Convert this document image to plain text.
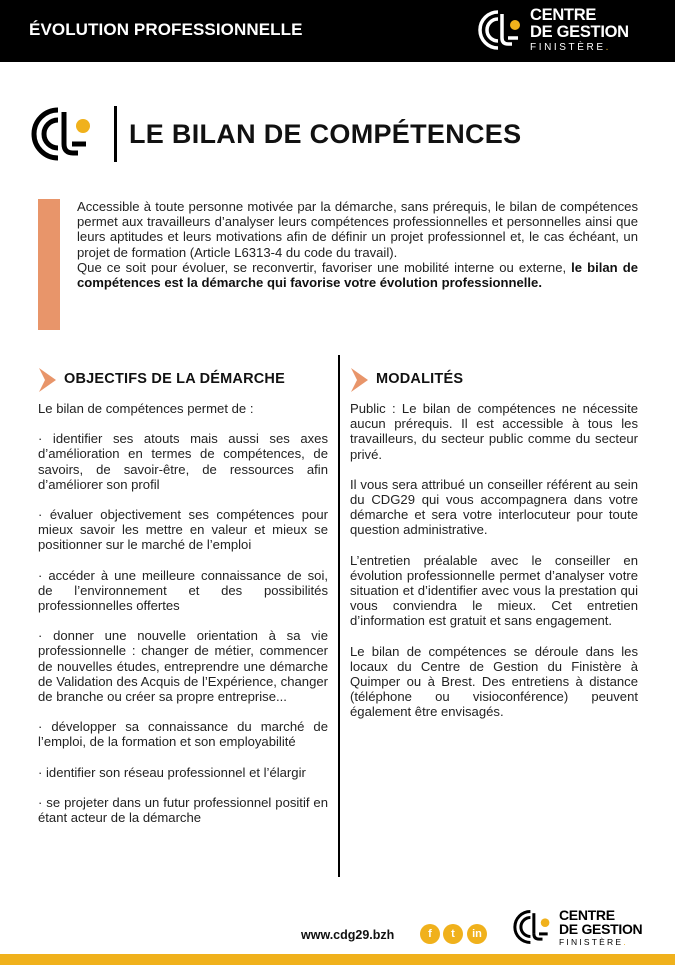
ÉVOLUTION PROFESSIONNELLE
CENTRE
DE GESTION
FINISTÈRE.
LE BILAN DE COMPÉTENCES

Accessible à toute personne motivée par la démarche, sans prérequis, le bilan de compétences permet aux travailleurs d’analyser leurs compétences professionnelles et personnelles ainsi que leurs aptitudes et leurs motivations afin de définir un projet professionnel et, le cas échéant, un projet de formation (Article L6313-4 du code du travail).

Que ce soit pour évoluer, se reconvertir, favoriser une mobilité interne ou externe, le bilan de compétences est la démarche qui favorise votre évolution professionnelle.

OBJECTIFS DE LA DÉMARCHE

Le bilan de compétences permet de :

· identifier ses atouts mais aussi ses axes d’amélioration en termes de compétences, de savoirs, de savoir-être, de ressources afin d’améliorer son profil

· évaluer objectivement ses compétences pour mieux savoir les mettre en valeur et mieux se positionner sur le marché de l’emploi

· accéder à une meilleure connaissance de soi, de l’environnement et des possibilités professionnelles offertes

· donner une nouvelle orientation à sa vie professionnelle : changer de métier, commencer de nouvelles études, entreprendre une démarche de Validation des Acquis de l’Expérience, changer de branche ou créer sa propre entreprise...

· développer sa connaissance du marché de l’emploi, de la formation et son employabilité

· identifier son réseau professionnel et l’élargir

· se projeter dans un futur professionnel positif en étant acteur de la démarche

MODALITÉS

Public : Le bilan de compétences ne nécessite aucun prérequis. Il est accessible à tous les travailleurs, du secteur public comme du secteur privé.

Il vous sera attribué un conseiller référent au sein du CDG29 qui vous accompagnera dans votre démarche et sera votre interlocuteur pour toute question administrative.

L’entretien préalable avec le conseiller en évolution professionnelle permet d’analyser votre situation et d’identifier avec vous la prestation qui vous conviendra le mieux. Cet entretien d’information est gratuit et sans engagement.

Le bilan de compétences se déroule dans les locaux du Centre de Gestion du Finistère à Quimper ou à Brest. Des entretiens à distance (téléphone ou visioconférence) peuvent également être envisagés.

www.cdg29.bzh	f	t	in
CENTRE
DE GESTION
FINISTÈRE.
